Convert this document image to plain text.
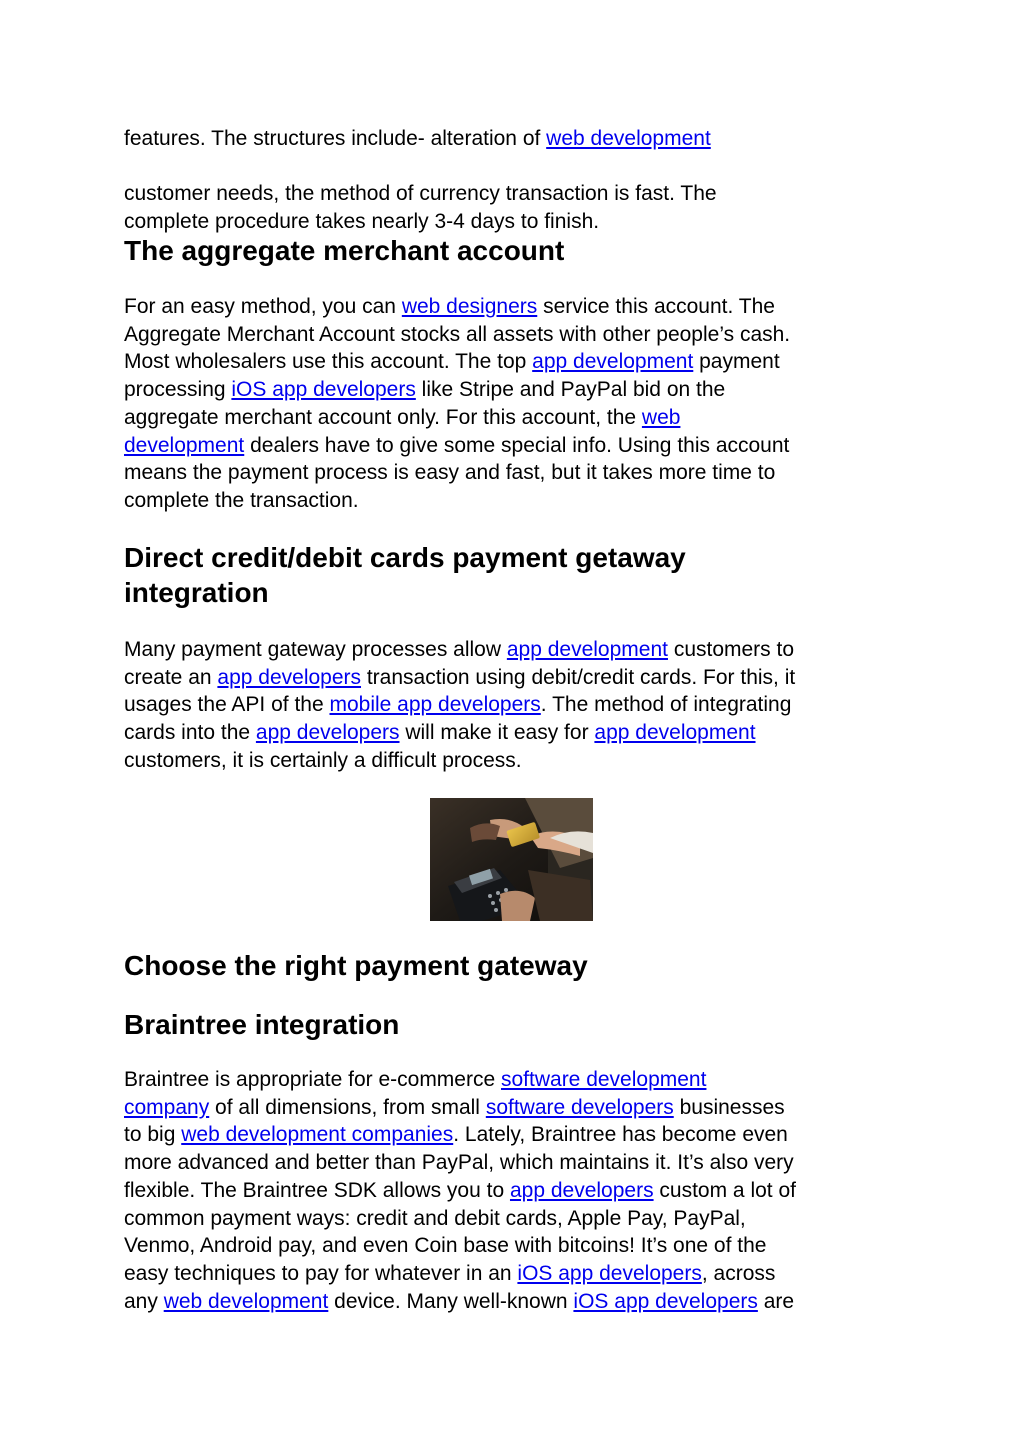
features. The structures include- alteration of web development

customer needs, the method of currency transaction is fast. The
complete procedure takes nearly 3-4 days to finish.

The aggregate merchant account

For an easy method, you can web designers service this account. The
Aggregate Merchant Account stocks all assets with other people’s cash.
Most wholesalers use this account. The top app development payment
processing iOS app developers like Stripe and PayPal bid on the
aggregate merchant account only. For this account, the web
development dealers have to give some special info. Using this account
means the payment process is easy and fast, but it takes more time to
complete the transaction.

Direct credit/debit cards payment getaway
integration

Many payment gateway processes allow app development customers to
create an app developers transaction using debit/credit cards. For this, it
usages the API of the mobile app developers. The method of integrating
cards into the app developers will make it easy for app development
customers, it is certainly a difficult process.

Choose the right payment gateway
Braintree integration

Braintree is appropriate for e-commerce software development
company of all dimensions, from small software developers businesses
to big web development companies. Lately, Braintree has become even
more advanced and better than PayPal, which maintains it. It’s also very
flexible. The Braintree SDK allows you to app developers custom a lot of
common payment ways: credit and debit cards, Apple Pay, PayPal,
Venmo, Android pay, and even Coin base with bitcoins! It’s one of the
easy techniques to pay for whatever in an iOS app developers, across
any web development device. Many well-known iOS app developers are
